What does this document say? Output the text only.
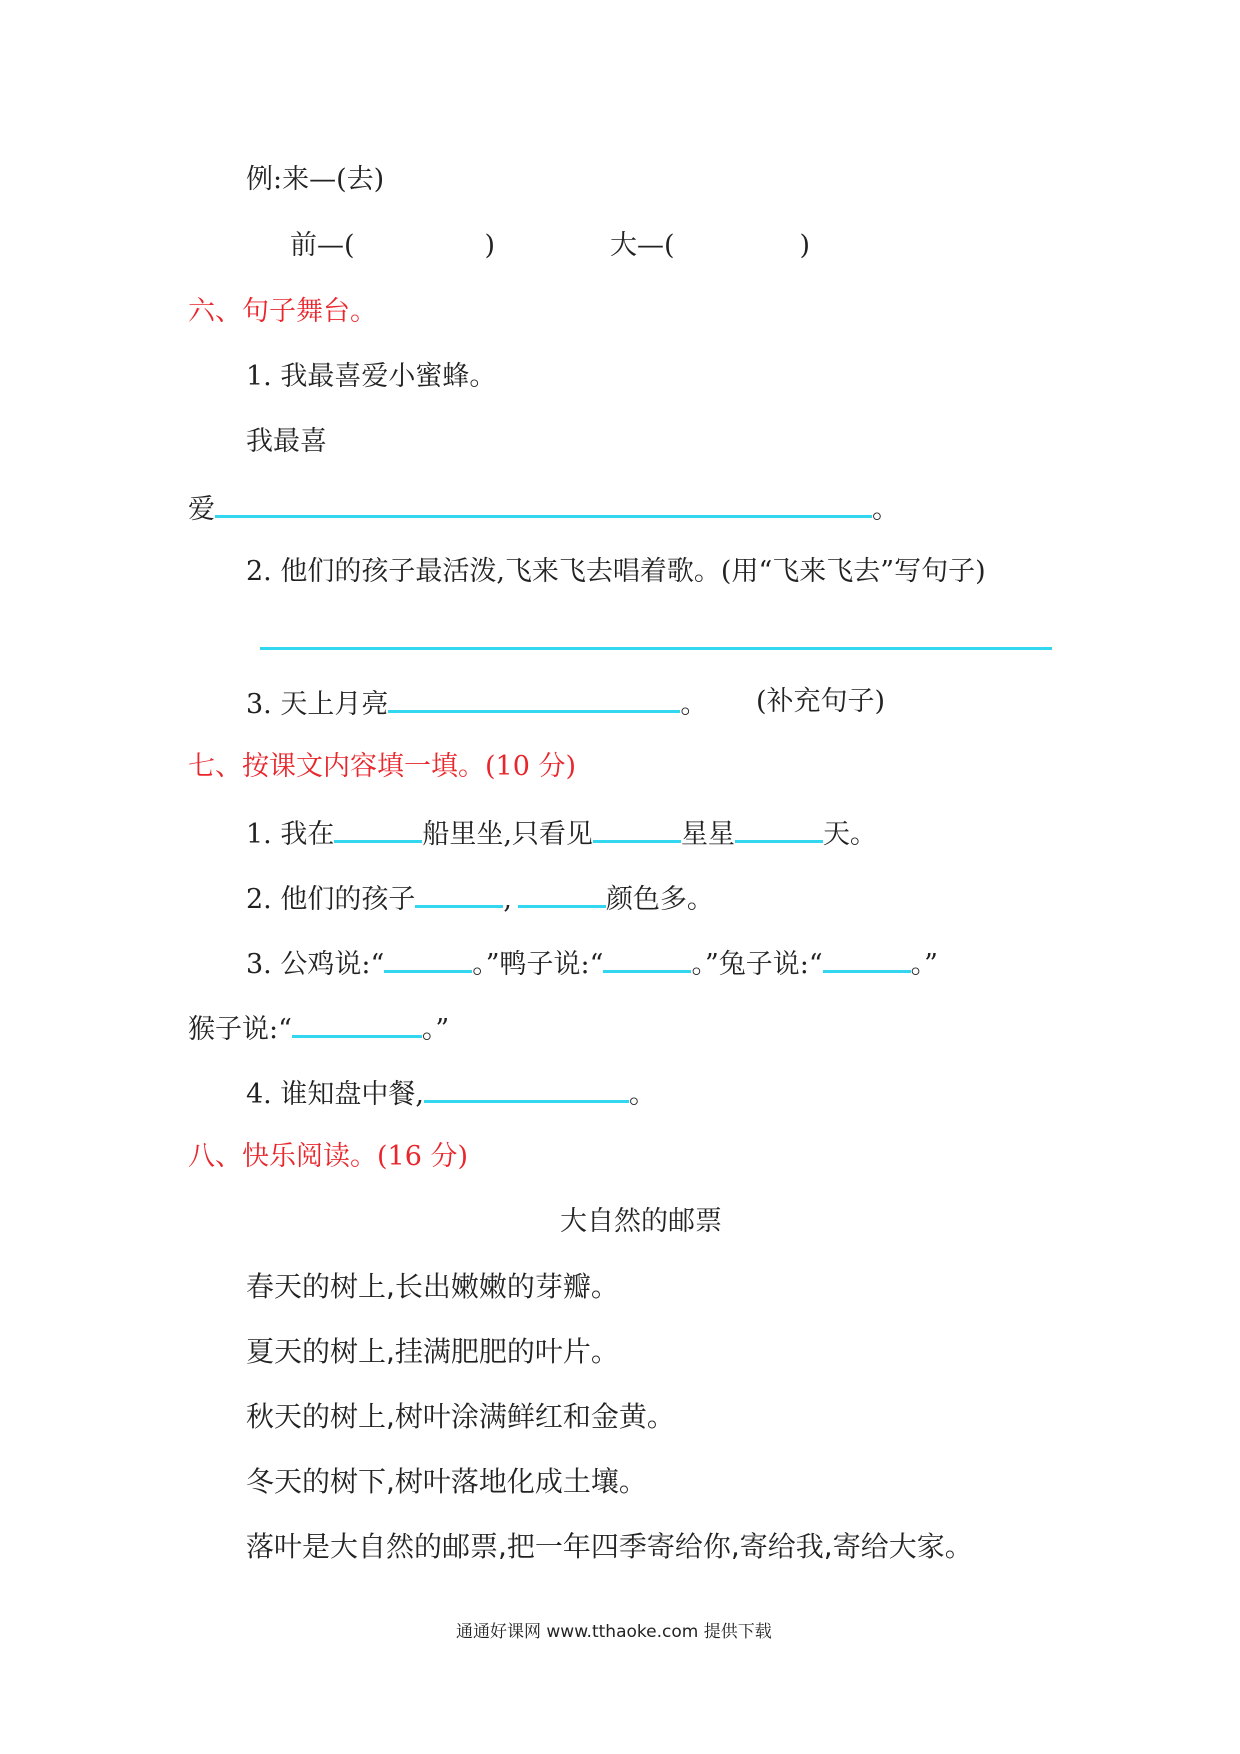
例:来—(去)
前—(	)	大—(	)
六、句子舞台。
1. 我最喜爱小蜜蜂。
我最喜
爱	。
2. 他们的孩子最活泼,飞来飞去唱着歌。(用“飞来飞去”写句子)
3. 天上月亮	。 (补充句子)
七、按课文内容填一填。(10 分)
1. 我在	船里坐,只看见	星星	天。
2. 他们的孩子	,	颜色多。
3. 公鸡说:“	。”鸭子说:“	。”兔子说:“	。”
猴子说:“	。”
4. 谁知盘中餐,	。
八、快乐阅读。(16 分)
大自然的邮票
春天的树上,长出嫩嫩的芽瓣。
夏天的树上,挂满肥肥的叶片。
秋天的树上,树叶涂满鲜红和金黄。
冬天的树下,树叶落地化成土壤。
落叶是大自然的邮票,把一年四季寄给你,寄给我,寄给大家。
通通好课网 www.tthaoke.com 提供下载
